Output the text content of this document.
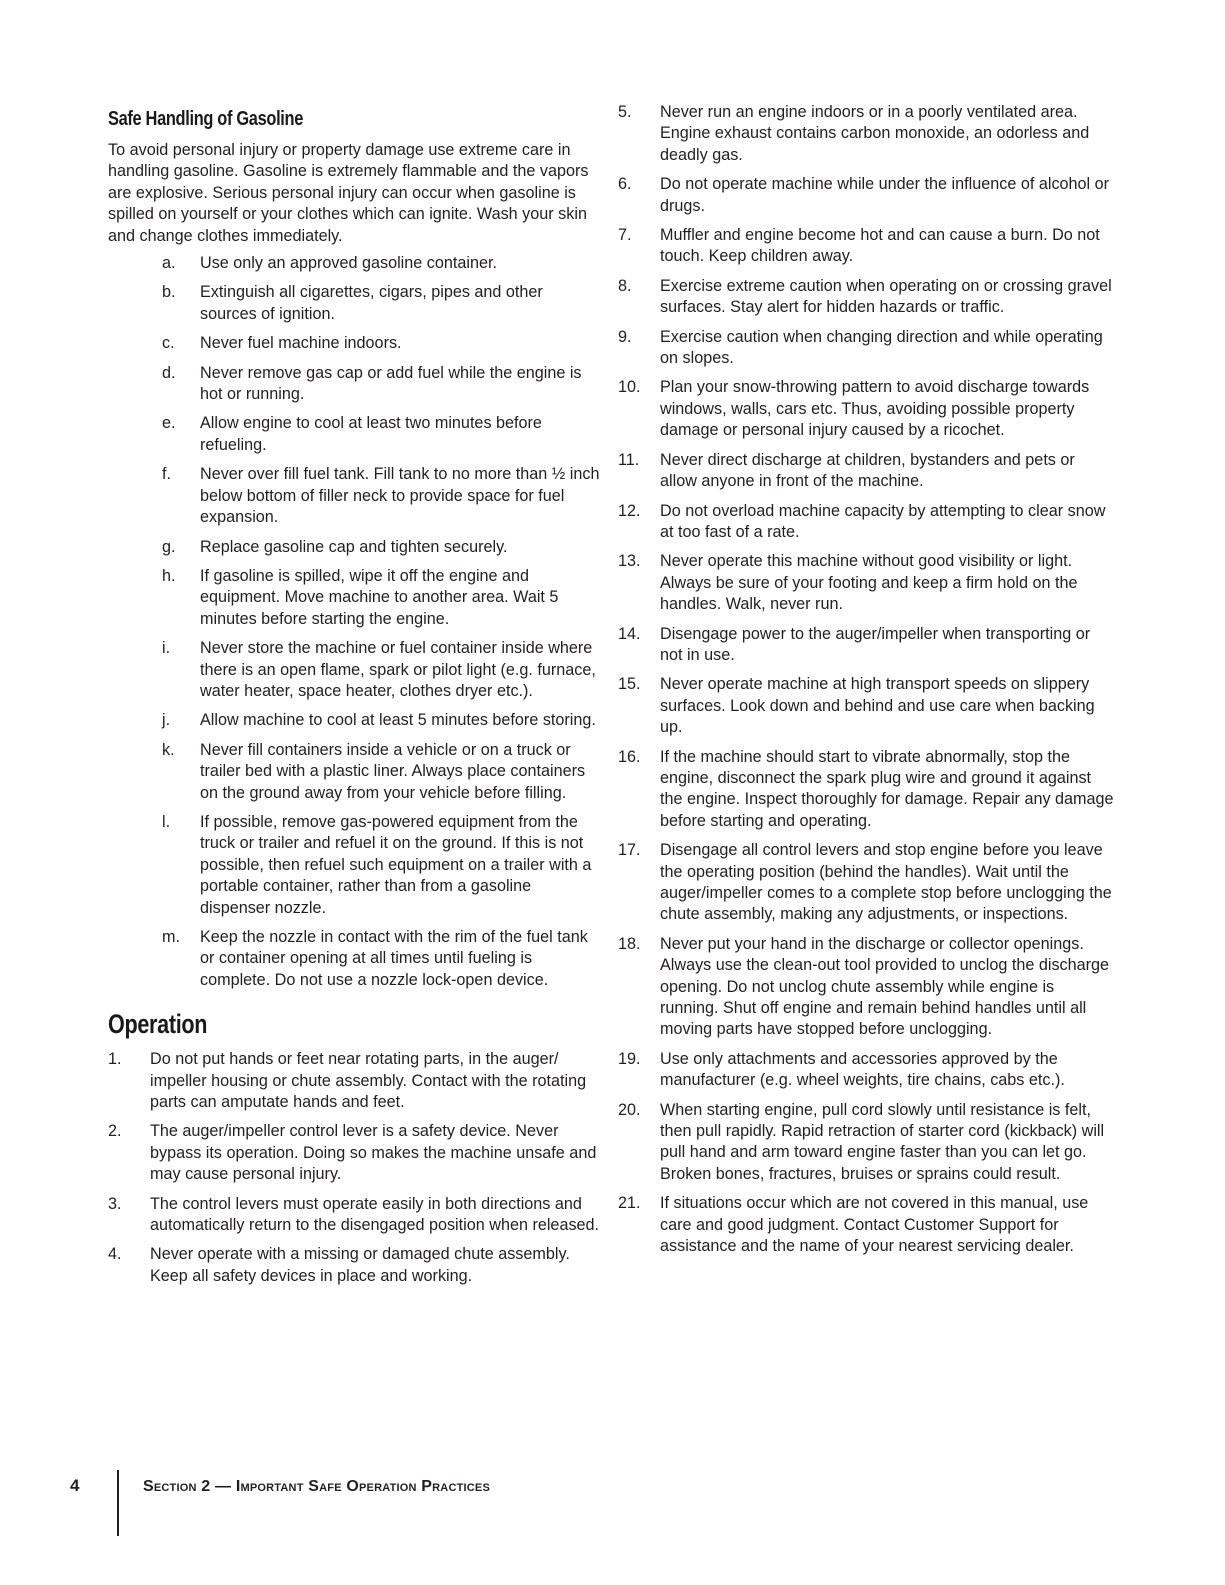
Safe Handling of Gasoline

To avoid personal injury or property damage use extreme care in handling gasoline. Gasoline is extremely flammable and the vapors are explosive. Serious personal injury can occur when gasoline is spilled on yourself or your clothes which can ignite. Wash your skin and change clothes immediately.

a. Use only an approved gasoline container.
b. Extinguish all cigarettes, cigars, pipes and other sources of ignition.
c. Never fuel machine indoors.
d. Never remove gas cap or add fuel while the engine is hot or running.
e. Allow engine to cool at least two minutes before refueling.
f. Never over fill fuel tank. Fill tank to no more than ½ inch below bottom of filler neck to provide space for fuel expansion.
g. Replace gasoline cap and tighten securely.
h. If gasoline is spilled, wipe it off the engine and equipment. Move machine to another area. Wait 5 minutes before starting the engine.
i. Never store the machine or fuel container inside where there is an open flame, spark or pilot light (e.g. furnace, water heater, space heater, clothes dryer etc.).
j. Allow machine to cool at least 5 minutes before storing.
k. Never fill containers inside a vehicle or on a truck or trailer bed with a plastic liner. Always place containers on the ground away from your vehicle before filling.
l. If possible, remove gas-powered equipment from the truck or trailer and refuel it on the ground. If this is not possible, then refuel such equipment on a trailer with a portable container, rather than from a gasoline dispenser nozzle.
m. Keep the nozzle in contact with the rim of the fuel tank or container opening at all times until fueling is complete. Do not use a nozzle lock-open device.
Operation
1. Do not put hands or feet near rotating parts, in the auger/ impeller housing or chute assembly. Contact with the rotating parts can amputate hands and feet.
2. The auger/impeller control lever is a safety device. Never bypass its operation. Doing so makes the machine unsafe and may cause personal injury.
3. The control levers must operate easily in both directions and automatically return to the disengaged position when released.
4. Never operate with a missing or damaged chute assembly. Keep all safety devices in place and working.
5. Never run an engine indoors or in a poorly ventilated area. Engine exhaust contains carbon monoxide, an odorless and deadly gas.
6. Do not operate machine while under the influence of alcohol or drugs.
7. Muffler and engine become hot and can cause a burn. Do not touch. Keep children away.
8. Exercise extreme caution when operating on or crossing gravel surfaces. Stay alert for hidden hazards or traffic.
9. Exercise caution when changing direction and while operating on slopes.
10. Plan your snow-throwing pattern to avoid discharge towards windows, walls, cars etc. Thus, avoiding possible property damage or personal injury caused by a ricochet.
11. Never direct discharge at children, bystanders and pets or allow anyone in front of the machine.
12. Do not overload machine capacity by attempting to clear snow at too fast of a rate.
13. Never operate this machine without good visibility or light. Always be sure of your footing and keep a firm hold on the handles. Walk, never run.
14. Disengage power to the auger/impeller when transporting or not in use.
15. Never operate machine at high transport speeds on slippery surfaces. Look down and behind and use care when backing up.
16. If the machine should start to vibrate abnormally, stop the engine, disconnect the spark plug wire and ground it against the engine. Inspect thoroughly for damage. Repair any damage before starting and operating.
17. Disengage all control levers and stop engine before you leave the operating position (behind the handles). Wait until the auger/impeller comes to a complete stop before unclogging the chute assembly, making any adjustments, or inspections.
18. Never put your hand in the discharge or collector openings. Always use the clean-out tool provided to unclog the discharge opening. Do not unclog chute assembly while engine is running. Shut off engine and remain behind handles until all moving parts have stopped before unclogging.
19. Use only attachments and accessories approved by the manufacturer (e.g. wheel weights, tire chains, cabs etc.).
20. When starting engine, pull cord slowly until resistance is felt, then pull rapidly. Rapid retraction of starter cord (kickback) will pull hand and arm toward engine faster than you can let go. Broken bones, fractures, bruises or sprains could result.
21. If situations occur which are not covered in this manual, use care and good judgment. Contact Customer Support for assistance and the name of your nearest servicing dealer.
4	Section 2 — Important Safe Operation Practices
